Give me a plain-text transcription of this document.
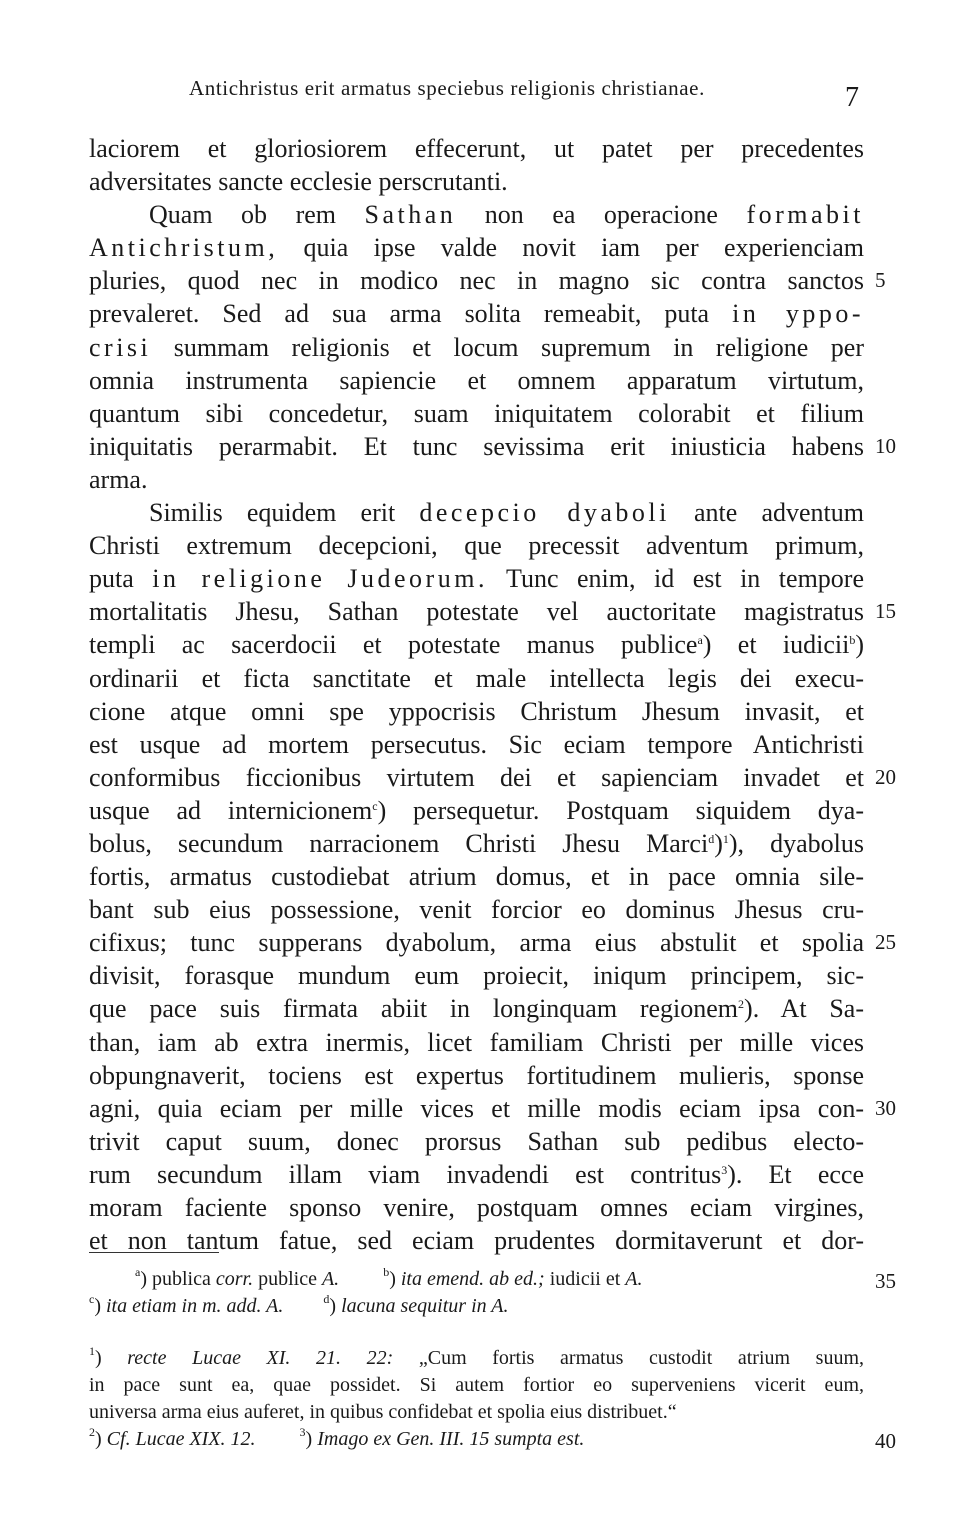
Antichristus erit armatus speciebus religionis christianae.	7
laciorem et gloriosiorem effecerunt, ut patet per precedentes
adversitates sancte ecclesie perscrutanti.
Quam ob rem Sathan non ea operacione formabit
Antichristum, quia ipse valde novit iam per experienciam
pluries, quod nec in modico nec in magno sic contra sanctos 5
prevaleret. Sed ad sua arma solita remeabit, puta in yppo-
crisi summam religionis et locum supremum in religione per
omnia instrumenta sapiencie et omnem apparatum virtutum,
quantum sibi concedetur, suam iniquitatem colorabit et filium
iniquitatis perarmabit. Et tunc sevissima erit iniusticia habens 10
arma.
Similis equidem erit decepcio dyaboli ante adventum
Christi extremum decepcioni, que precessit adventum primum,
puta in religione Judeorum. Tunc enim, id est in tempore
mortalitatis Jhesu, Sathan potestate vel auctoritate magistratus 15
templi ac sacerdocii et potestate manus publice$^a$) et iudicii$^b$)
ordinarii et ficta sanctitate et male intellecta legis dei execu-
cione atque omni spe yppocrisis Christum Jhesum invasit, et
est usque ad mortem persecutus. Sic eciam tempore Antichristi
conformibus ficcionibus virtutem dei et sapienciam invadet et 20
usque ad internicionem$^c$) persequetur. Postquam siquidem dya-
bolus, secundum narracionem Christi Jhesu Marci$^d$)$^1$), dyabolus
fortis, armatus custodiebat atrium domus, et in pace omnia sile-
bant sub eius possessione, venit forcior eo dominus Jhesus cru-
cifixus; tunc supperans dyabolum, arma eius abstulit et spolia 25
divisit, forasque mundum eum proiecit, iniqum principem, sic-
que pace suis firmata abiit in longinquam regionem$^2$). At Sa-
than, iam ab extra inermis, licet familiam Christi per mille vices
obpungnaverit, tociens est expertus fortitudinem mulieris, sponse
agni, quia eciam per mille vices et mille modis eciam ipsa con- 30
trivit caput suum, donec prorsus Sathan sub pedibus electo-
rum secundum illam viam invadendi est contritus$^3$). Et ecce
moram faciente sponso venire, postquam omnes eciam virgines,
et non tantum fatue, sed eciam prudentes dormitaverunt et dor-
$^a$) publica corr. publice A.	$^b$) ita emend. ab ed.; iudicii et A.	35
$^c$) ita etiam in m. add. A.	$^d$) lacuna sequitur in A.
$^1$) recte Lucae XI. 21. 22: „Cum fortis armatus custodit atrium suum,
in pace sunt ea, quae possidet. Si autem fortior eo superveniens vicerit eum,
universa arma eius auferet, in quibus confidebat et spolia eius distribuet.“
$^2$) Cf. Lucae XIX. 12.	$^3$) Imago ex Gen. III. 15 sumpta est.	40
